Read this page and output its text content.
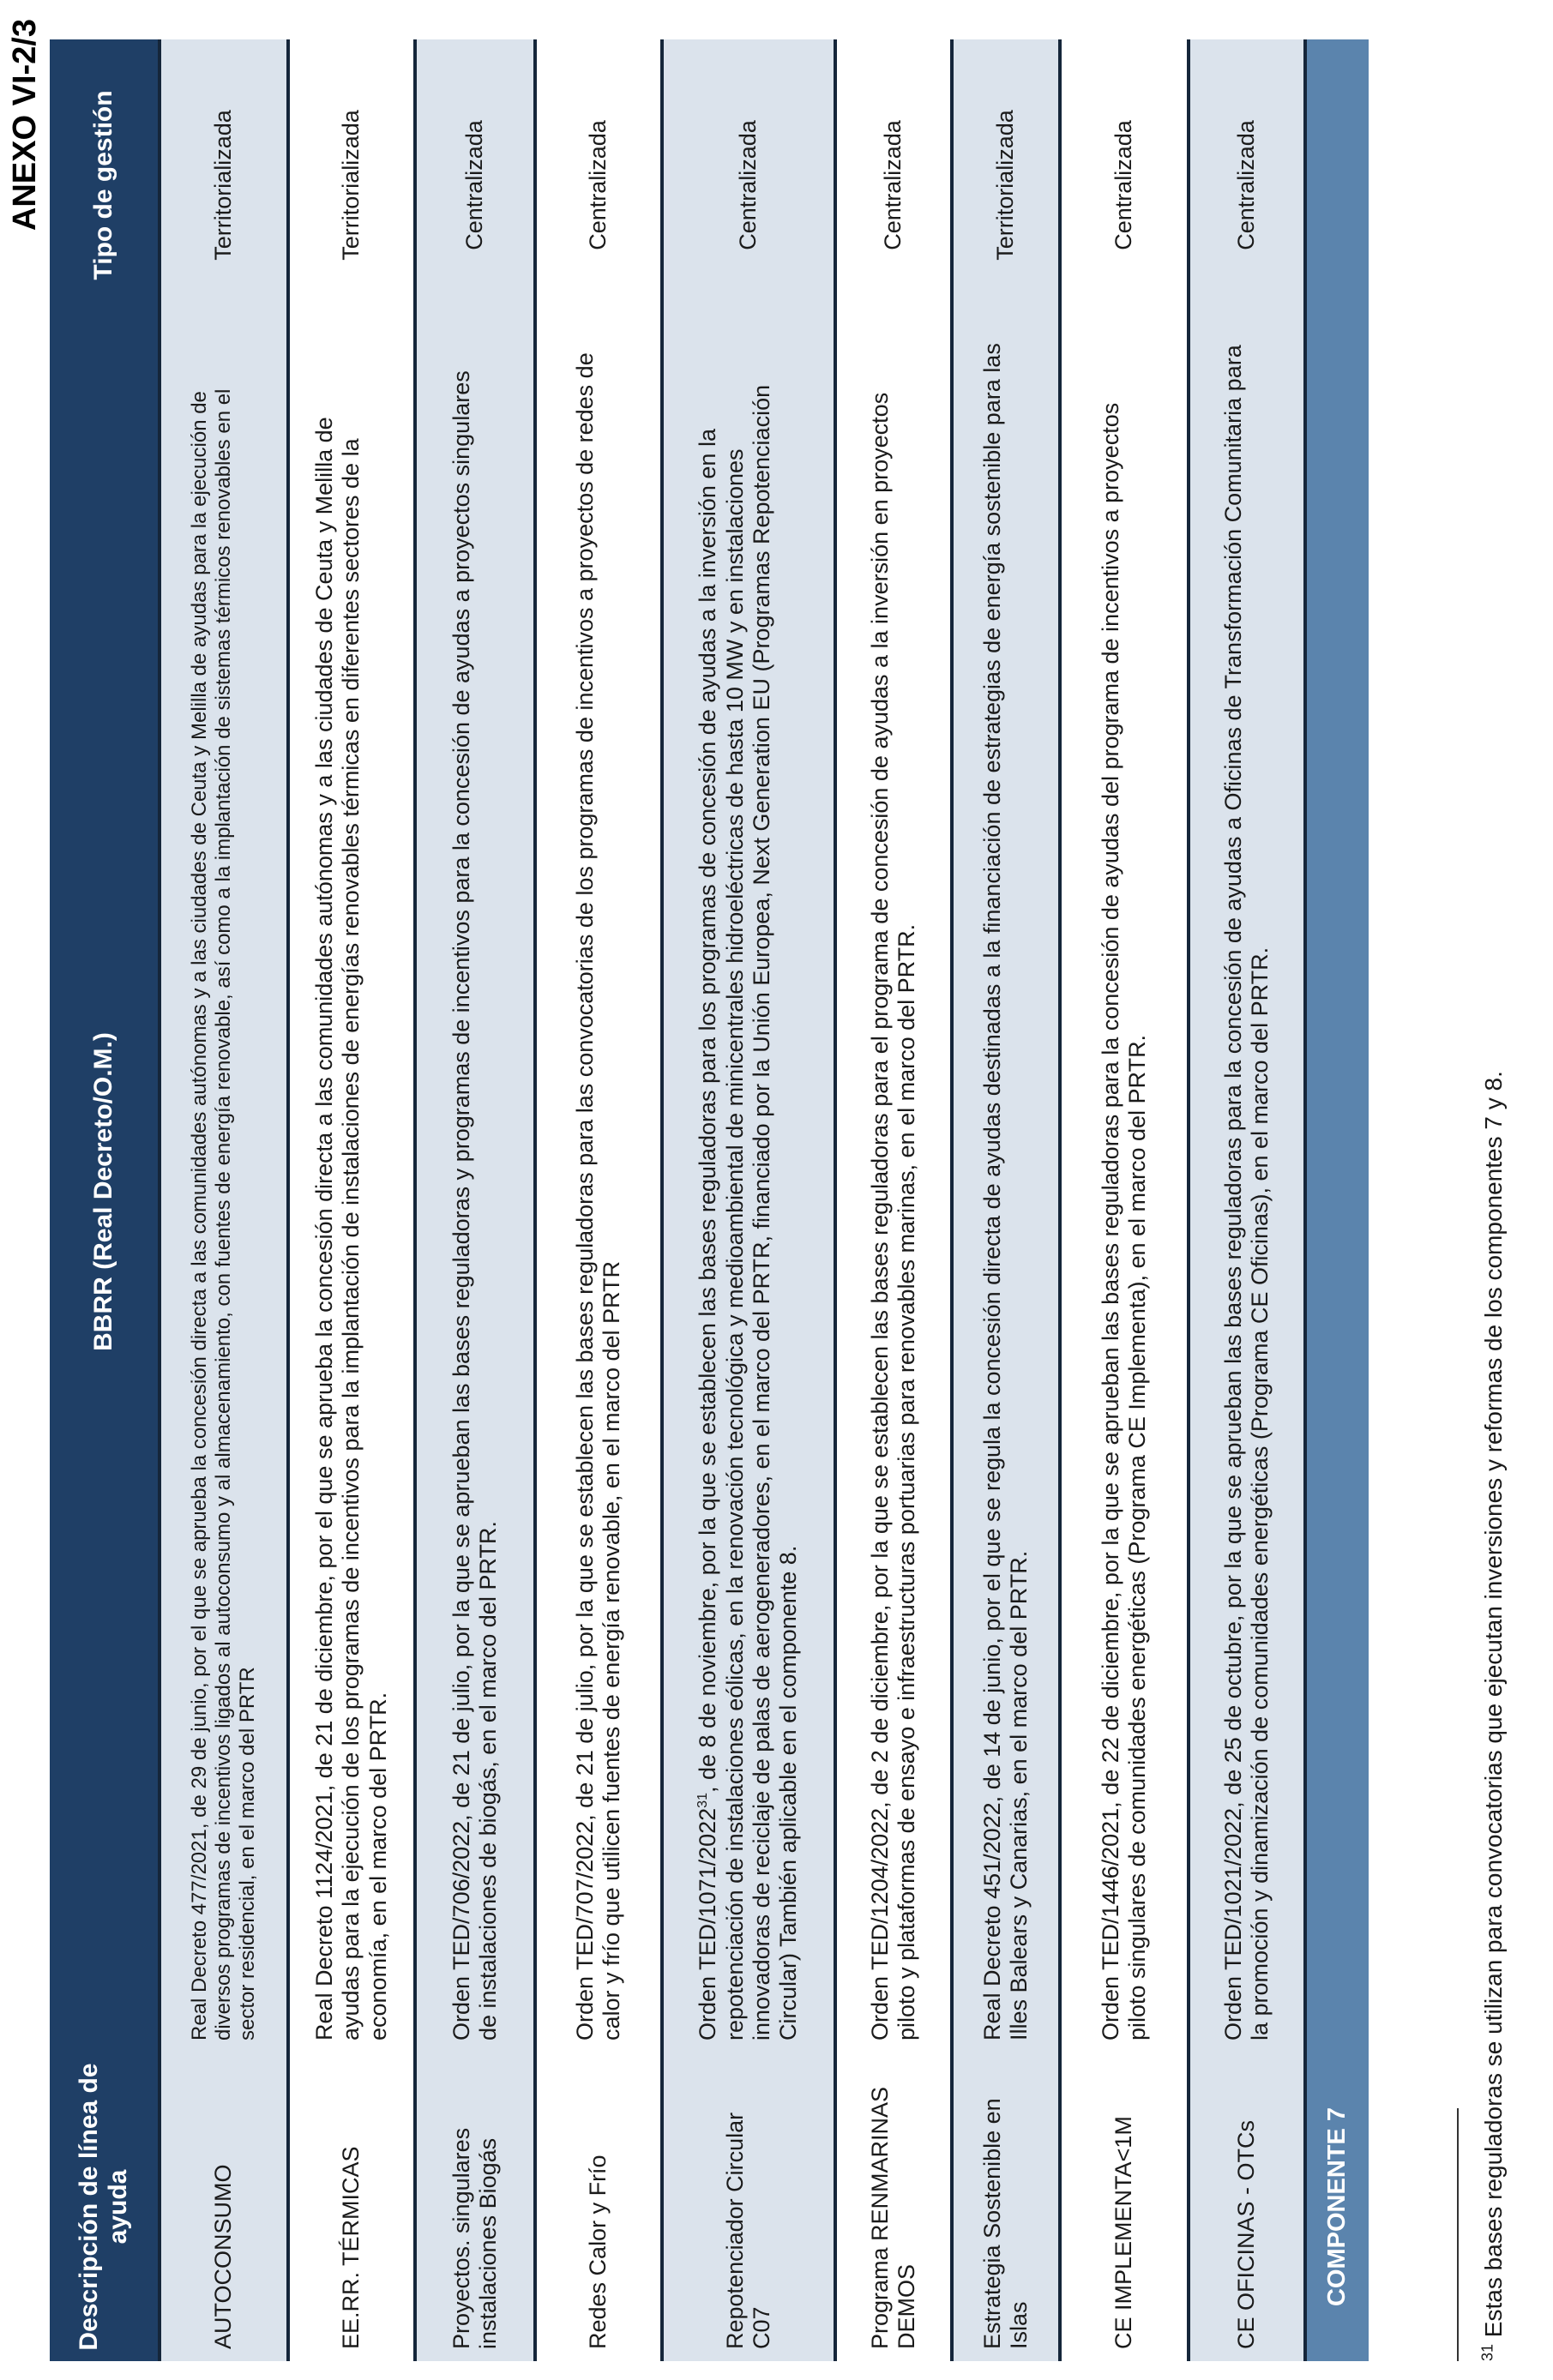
ANEXO VI-2/3
Descripción de línea de ayuda	BBRR (Real Decreto/O.M.)	Tipo de gestión
AUTOCONSUMO	Real Decreto 477/2021, de 29 de junio, por el que se aprueba la concesión directa a las comunidades autónomas y a las ciudades de Ceuta y Melilla de ayudas para la ejecución de diversos programas de incentivos ligados al autoconsumo y al almacenamiento, con fuentes de energía renovable, así como a la implantación de sistemas térmicos renovables en el sector residencial, en el marco del PRTR	Territorializada
EE.RR. TÉRMICAS	Real Decreto 1124/2021, de 21 de diciembre, por el que se aprueba la concesión directa a las comunidades autónomas y a las ciudades de Ceuta y Melilla de ayudas para la ejecución de los programas de incentivos para la implantación de instalaciones de energías renovables térmicas en diferentes sectores de la economía, en el marco del PRTR.	Territorializada
Proyectos. singulares instalaciones Biogás	Orden TED/706/2022, de 21 de julio, por la que se aprueban las bases reguladoras y programas de incentivos para la concesión de ayudas a proyectos singulares de instalaciones de biogás, en el marco del PRTR.	Centralizada
Redes Calor y Frío	Orden TED/707/2022, de 21 de julio, por la que se establecen las bases reguladoras para las convocatorias de los programas de incentivos a proyectos de redes de calor y frío que utilicen fuentes de energía renovable, en el marco del PRTR	Centralizada
Repotenciador Circular C07	Orden TED/1071/2022$^{31}$, de 8 de noviembre, por la que se establecen las bases reguladoras para los programas de concesión de ayudas a la inversión en la repotenciación de instalaciones eólicas, en la renovación tecnológica y medioambiental de minicentrales hidroeléctricas de hasta 10 MW y en instalaciones innovadoras de reciclaje de palas de aerogeneradores, en el marco del PRTR, financiado por la Unión Europea, Next Generation EU (Programas Repotenciación Circular) También aplicable en el componente 8.	Centralizada
Programa RENMARINAS DEMOS	Orden TED/1204/2022, de 2 de diciembre, por la que se establecen las bases reguladoras para el programa de concesión de ayudas a la inversión en proyectos piloto y plataformas de ensayo e infraestructuras portuarias para renovables marinas, en el marco del PRTR.	Centralizada
Estrategia Sostenible en Islas	Real Decreto 451/2022, de 14 de junio, por el que se regula la concesión directa de ayudas destinadas a la financiación de estrategias de energía sostenible para las Illes Balears y Canarias, en el marco del PRTR.	Territorializada
CE IMPLEMENTA<1M	Orden TED/1446/2021, de 22 de diciembre, por la que se aprueban las bases reguladoras para la concesión de ayudas del programa de incentivos a proyectos piloto singulares de comunidades energéticas (Programa CE Implementa), en el marco del PRTR.	Centralizada
CE OFICINAS - OTCs	Orden TED/1021/2022, de 25 de octubre, por la que se aprueban las bases reguladoras para la concesión de ayudas a Oficinas de Transformación Comunitaria para la promoción y dinamización de comunidades energéticas (Programa CE Oficinas), en el marco del PRTR.	Centralizada
COMPONENTE 7		
$^{31}$ Estas bases reguladoras se utilizan para convocatorias que ejecutan inversiones y reformas de los componentes 7 y 8.
